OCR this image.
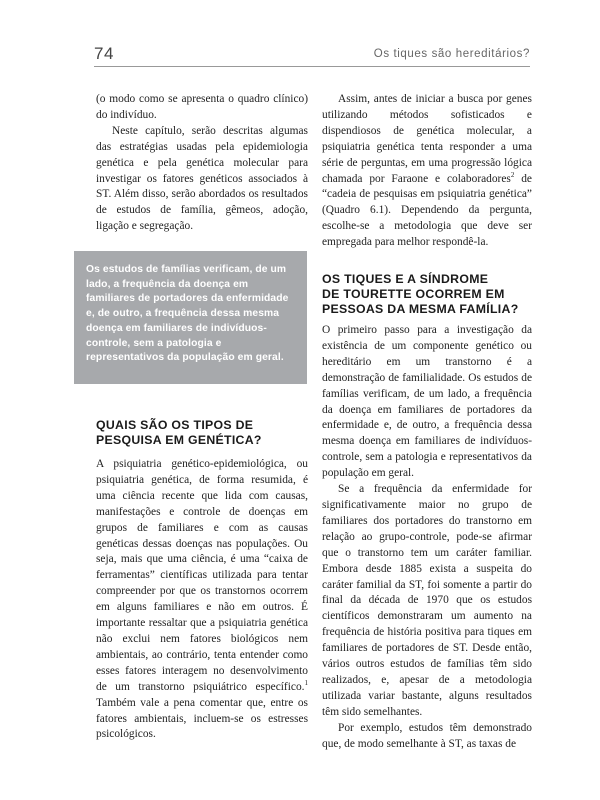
74	Os tiques são hereditários?

(o modo como se apresenta o quadro clínico) do indivíduo.

Neste capítulo, serão descritas algumas das estratégias usadas pela epidemiologia genética e pela genética molecular para investigar os fatores genéticos associados à ST. Além disso, serão abordados os resultados de estudos de família, gêmeos, adoção, ligação e segregação.

Os estudos de famílias verificam, de um lado, a frequência da doença em familiares de portadores da enfermidade e, de outro, a frequência dessa mesma doença em familiares de indivíduos-controle, sem a patologia e representativos da população em geral.

QUAIS SÃO OS TIPOS DE
PESQUISA EM GENÉTICA?

A psiquiatria genético-epidemiológica, ou psiquiatria genética, de forma resumida, é uma ciência recente que lida com causas, manifestações e controle de doenças em grupos de familiares e com as causas genéticas dessas doenças nas populações. Ou seja, mais que uma ciência, é uma “caixa de ferramentas” científicas utilizada para tentar compreender por que os transtornos ocorrem em alguns familiares e não em outros. É importante ressaltar que a psiquiatria genética não exclui nem fatores biológicos nem ambientais, ao contrário, tenta entender como esses fatores interagem no desenvolvimento de um transtorno psiquiátrico específico.$^1$ Também vale a pena comentar que, entre os fatores ambientais, incluem-se os estresses psicológicos.

Assim, antes de iniciar a busca por genes utilizando métodos sofisticados e dispendiosos de genética molecular, a psiquiatria genética tenta responder a uma série de perguntas, em uma progressão lógica chamada por Faraone e colaboradores$^2$ de “cadeia de pesquisas em psiquiatria genética” (Quadro 6.1). Dependendo da pergunta, escolhe-se a metodologia que deve ser empregada para melhor respondê-la.

OS TIQUES E A SÍNDROME
DE TOURETTE OCORREM EM
PESSOAS DA MESMA FAMÍLIA?

O primeiro passo para a investigação da existência de um componente genético ou hereditário em um transtorno é a demonstração de familialidade. Os estudos de famílias verificam, de um lado, a frequência da doença em familiares de portadores da enfermidade e, de outro, a frequência dessa mesma doença em familiares de indivíduos-controle, sem a patologia e representativos da população em geral.

Se a frequência da enfermidade for significativamente maior no grupo de familiares dos portadores do transtorno em relação ao grupo-controle, pode-se afirmar que o transtorno tem um caráter familiar. Embora desde 1885 exista a suspeita do caráter familial da ST, foi somente a partir do final da década de 1970 que os estudos científicos demonstraram um aumento na frequência de história positiva para tiques em familiares de portadores de ST. Desde então, vários outros estudos de famílias têm sido realizados, e, apesar de a metodologia utilizada variar bastante, alguns resultados têm sido semelhantes.

Por exemplo, estudos têm demonstrado que, de modo semelhante à ST, as taxas de
